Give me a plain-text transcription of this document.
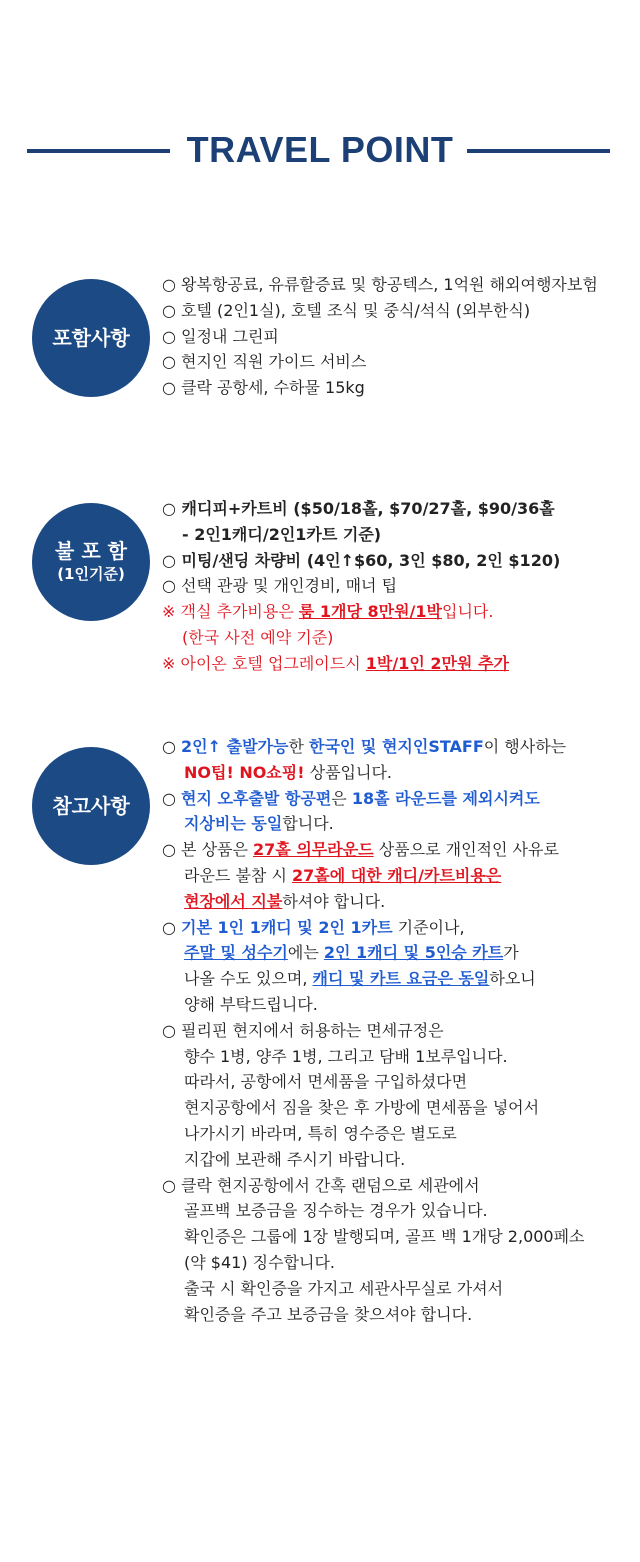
TRAVEL POINT
포함사항
○ 왕복항공료, 유류할증료 및 항공텍스, 1억원 해외여행자보험
○ 호텔 (2인1실), 호텔 조식 및 중식/석식 (외부한식)
○ 일정내 그린피
○ 현지인 직원 가이드 서비스
○ 클락 공항세, 수하물 15kg
불 포 함
(1인기준)
○ 캐디피+카트비 ($50/18홀, $70/27홀, $90/36홀
- 2인1캐디/2인1카트 기준)
○ 미팅/샌딩 차량비 (4인↑$60, 3인 $80, 2인 $120)
○ 선택 관광 및 개인경비, 매너 팁
※ 객실 추가비용은 룸 1개당 8만원/1박입니다.
(한국 사전 예약 기준)
※ 아이온 호텔 업그레이드시 1박/1인 2만원 추가
참고사항
○ 2인↑ 출발가능한 한국인 및 현지인STAFF이 행사하는
NO팁! NO쇼핑! 상품입니다.
○ 현지 오후출발 항공편은 18홀 라운드를 제외시켜도
지상비는 동일합니다.
○ 본 상품은 27홀 의무라운드 상품으로 개인적인 사유로
라운드 불참 시 27홀에 대한 캐디/카트비용은
현장에서 지불하셔야 합니다.
○ 기본 1인 1캐디 및 2인 1카트 기준이나,
주말 및 성수기에는 2인 1캐디 및 5인승 카트가
나올 수도 있으며, 캐디 및 카트 요금은 동일하오니
양해 부탁드립니다.
○ 필리핀 현지에서 허용하는 면세규정은
향수 1병, 양주 1병, 그리고 담배 1보루입니다.
따라서, 공항에서 면세품을 구입하셨다면
현지공항에서 짐을 찾은 후 가방에 면세품을 넣어서
나가시기 바라며, 특히 영수증은 별도로
지갑에 보관해 주시기 바랍니다.
○ 클락 현지공항에서 간혹 랜덤으로 세관에서
골프백 보증금을 징수하는 경우가 있습니다.
확인증은 그룹에 1장 발행되며, 골프 백 1개당 2,000페소
(약 $41) 징수합니다.
출국 시 확인증을 가지고 세관사무실로 가셔서
확인증을 주고 보증금을 찾으셔야 합니다.
